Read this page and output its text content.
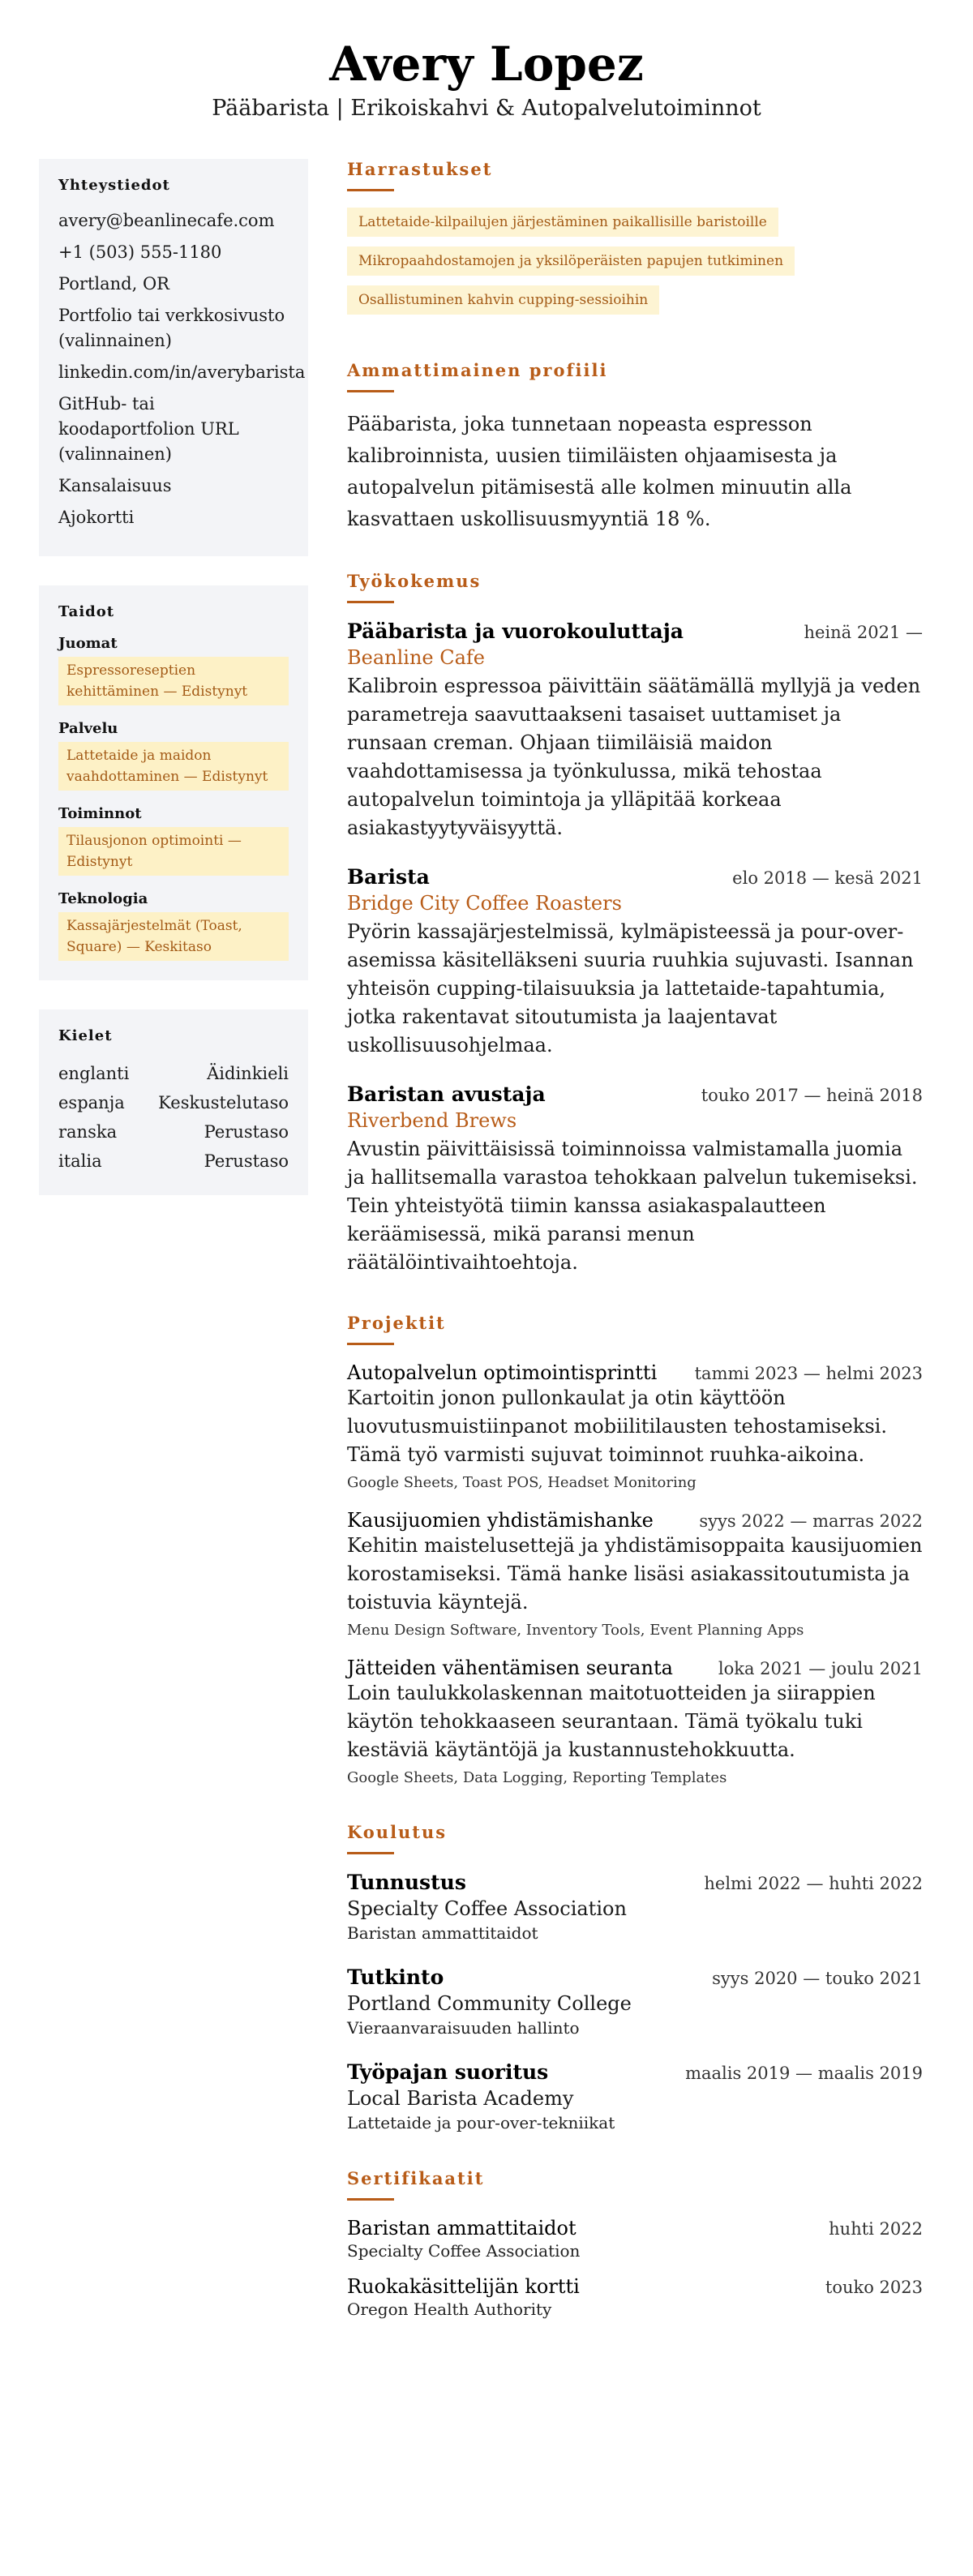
Avery Lopez
Pääbarista | Erikoiskahvi & Autopalvelutoiminnot
Yhteystiedot
avery@beanlinecafe.com
+1 (503) 555-1180
Portland, OR
Portfolio tai verkkosivusto (valinnainen)
linkedin.com/in/averybarista
GitHub- tai koodaportfolion URL (valinnainen)
Kansalaisuus
Ajokortti
Taidot
Juomat
Espressoreseptien kehittäminen — Edistynyt
Palvelu
Lattetaide ja maidon vaahdottaminen — Edistynyt
Toiminnot
Tilausjonon optimointi — Edistynyt
Teknologia
Kassajärjestelmät (Toast, Square) — Keskitaso
Kielet
englanti	Äidinkieli
espanja Keskustelutaso
ranska	Perustaso
italia	Perustaso
Harrastukset
Lattetaide-kilpailujen järjestäminen paikallisille baristoille
Mikropaahdostamojen ja yksilöperäisten papujen tutkiminen
Osallistuminen kahvin cupping-sessioihin
Ammattimainen profiili
Pääbarista, joka tunnetaan nopeasta espresson kalibroinnista, uusien tiimiläisten ohjaamisesta ja autopalvelun pitämisestä alle kolmen minuutin alla kasvattaen uskollisuusmyyntiä 18 %.
Työkokemus
Pääbarista ja vuorokouluttaja	heinä 2021 —
Beanline Cafe
Kalibroin espressoa päivittäin säätämällä myllyjä ja veden parametreja saavuttaakseni tasaiset uuttamiset ja runsaan creman. Ohjaan tiimiläisiä maidon vaahdottamisessa ja työnkulussa, mikä tehostaa autopalvelun toimintoja ja ylläpitää korkeaa asiakastyytyväisyyttä.
Barista	elo 2018 — kesä 2021
Bridge City Coffee Roasters
Pyörin kassajärjestelmissä, kylmäpisteessä ja pour-over-asemissa käsitelläkseni suuria ruuhkia sujuvasti. Isannan yhteisön cupping-tilaisuuksia ja lattetaide-tapahtumia, jotka rakentavat sitoutumista ja laajentavat uskollisuusohjelmaa.
Baristan avustaja	touko 2017 — heinä 2018
Riverbend Brews
Avustin päivittäisissä toiminnoissa valmistamalla juomia ja hallitsemalla varastoa tehokkaan palvelun tukemiseksi. Tein yhteistyötä tiimin kanssa asiakaspalautteen keräämisessä, mikä paransi menun räätälöintivaihtoehtoja.
Projektit
Autopalvelun optimointisprintti tammi 2023 — helmi 2023
Kartoitin jonon pullonkaulat ja otin käyttöön luovutusmuistiinpanot mobiilitilausten tehostamiseksi. Tämä työ varmisti sujuvat toiminnot ruuhka-aikoina.
Google Sheets, Toast POS, Headset Monitoring
Kausijuomien yhdistämishanke	syys 2022 — marras 2022
Kehitin maistelusettejä ja yhdistämisoppaita kausijuomien korostamiseksi. Tämä hanke lisäsi asiakassitoutumista ja toistuvia käyntejä.
Menu Design Software, Inventory Tools, Event Planning Apps
Jätteiden vähentämisen seuranta	loka 2021 — joulu 2021
Loin taulukkolaskennan maitotuotteiden ja siirappien käytön tehokkaaseen seurantaan. Tämä työkalu tuki kestäviä käytäntöjä ja kustannustehokkuutta.
Google Sheets, Data Logging, Reporting Templates
Koulutus
Tunnustus	helmi 2022 — huhti 2022
Specialty Coffee Association
Baristan ammattitaidot
Tutkinto	syys 2020 — touko 2021
Portland Community College
Vieraanvaraisuuden hallinto
Työpajan suoritus	maalis 2019 — maalis 2019
Local Barista Academy
Lattetaide ja pour-over-tekniikat
Sertifikaatit
Baristan ammattitaidot	huhti 2022
Specialty Coffee Association
Ruokakäsittelijän kortti	touko 2023
Oregon Health Authority
